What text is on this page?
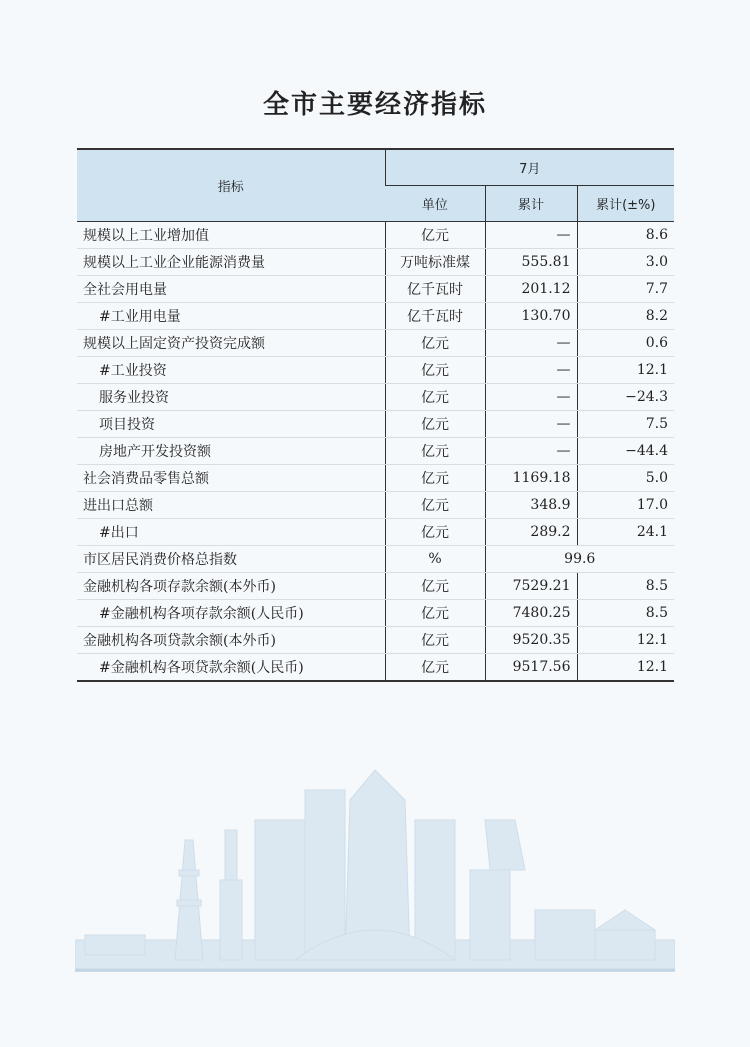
全市主要经济指标
指标	7月		
	单位	累计	累计(±%)
规模以上工业增加值	亿元	—	8.6
规模以上工业企业能源消费量	万吨标准煤	555.81	3.0
全社会用电量	亿千瓦时	201.12	7.7
#工业用电量	亿千瓦时	130.70	8.2
规模以上固定资产投资完成额	亿元	—	0.6
#工业投资	亿元	—	12.1
服务业投资	亿元	—	−24.3
项目投资	亿元	—	7.5
房地产开发投资额	亿元	—	−44.4
社会消费品零售总额	亿元	1169.18	5.0
进出口总额	亿元	348.9	17.0
#出口	亿元	289.2	24.1
市区居民消费价格总指数	%	99.6	
金融机构各项存款余额(本外币)	亿元	7529.21	8.5
#金融机构各项存款余额(人民币)	亿元	7480.25	8.5
金融机构各项贷款余额(本外币)	亿元	9520.35	12.1
#金融机构各项贷款余额(人民币)	亿元	9517.56	12.1
